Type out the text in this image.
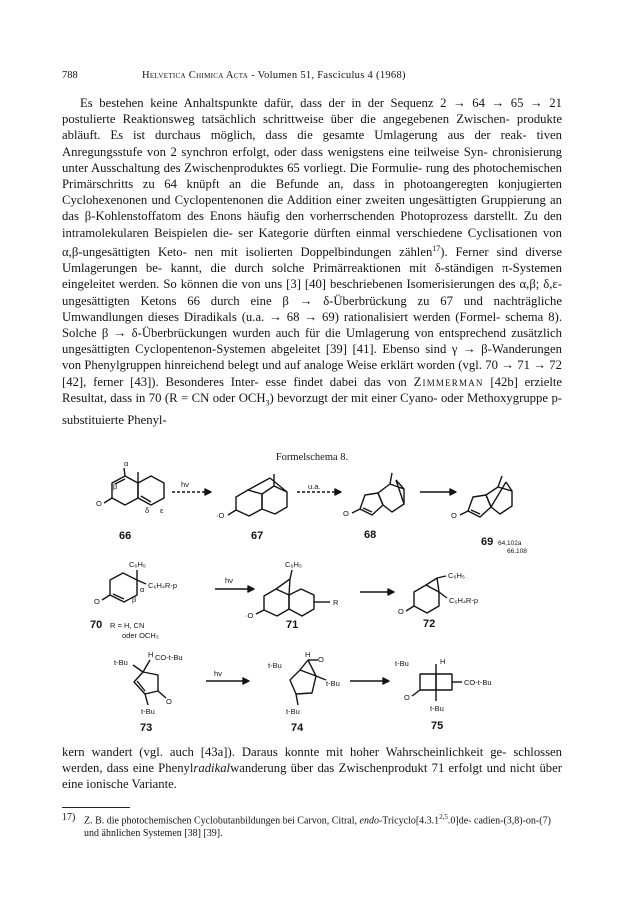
788	Helvetica Chimica Acta - Volumen 51, Fasciculus 4 (1968)
Es bestehen keine Anhaltspunkte dafür, dass der in der Sequenz 2 → 64 → 65 → 21 postulierte Reaktionsweg tatsächlich schrittweise über die angegebenen Zwischen- produkte abläuft. Es ist durchaus möglich, dass die gesamte Umlagerung aus der reak- tiven Anregungsstufe von 2 synchron erfolgt, oder dass wenigstens eine teilweise Syn- chronisierung unter Ausschaltung des Zwischenproduktes 65 vorliegt. Die Formulie- rung des photochemischen Primärschritts zu 64 knüpft an die Befunde an, dass in photoangeregten konjugierten Cyclohexenonen und Cyclopentenonen die Addition einer zweiten ungesättigten Gruppierung an das β-Kohlenstoffatom des Enons häufig den vorherrschenden Photoprozess darstellt. Zu den intramolekularen Beispielen die- ser Kategorie dürften einmal verschiedene Cyclisationen von α,β-ungesättigten Keto- nen mit isolierten Doppelbindungen zählen$^{17}$). Ferner sind diverse Umlagerungen be- kannt, die durch solche Primärreaktionen mit δ-ständigen π-Systemen eingeleitet werden. So können die von uns [3] [40] beschriebenen Isomerisierungen des α,β; δ,ε- ungesättigten Ketons 66 durch eine β → δ-Überbrückung zu 67 und nachträgliche Umwandlungen dieses Diradikals (u.a. → 68 → 69) rationalisiert werden (Formel- schema 8). Solche β → δ-Überbrückungen wurden auch für die Umlagerung von entsprechend zusätzlich ungesättigten Cyclopentenon-Systemen abgeleitet [39] [41]. Ebenso sind γ → β-Wanderungen von Phenylgruppen hinreichend belegt und auf analoge Weise erklärt worden (vgl. 70 → 71 → 72 [42], ferner [43]). Besonderes Inter- esse findet dabei das von Zimmerman [42b] erzielte Resultat, dass in 70 (R = CN oder $OCH_3$) bevorzugt der mit einer Cyano- oder Methoxygruppe p-substituierte Phenyl-
Formelschema 8.
O
α
β
δ ε
hν
·O
u.a.
O	O
66	67	68
69 64,102a
66,108
C₆H₅
C₆H₄R-p
O	β
α
hν
C₆H₅
·O
R
C₆H₅
C₆H₄R-p
O
70 R = H, CN
oder OCH₃
71	72
H CO-t-Bu
t-Bu
O
t-Bu
hν
H
t-Bu
O
t-Bu
t-Bu
t-Bu	H
CO-t-Bu
O
t-Bu
73	74	75
kern wandert (vgl. auch [43a]). Daraus konnte mit hoher Wahrscheinlichkeit ge- schlossen werden, dass eine Phenylradikalwanderung über das Zwischenprodukt 71 erfolgt und nicht über eine ionische Variante.
17) Z. B. die photochemischen Cyclobutanbildungen bei Carvon, Citral, endo-Tricyclo[4.3.1$^{2,5}$.0]de- cadien-(3,8)-on-(7) und ähnlichen Systemen [38] [39].
